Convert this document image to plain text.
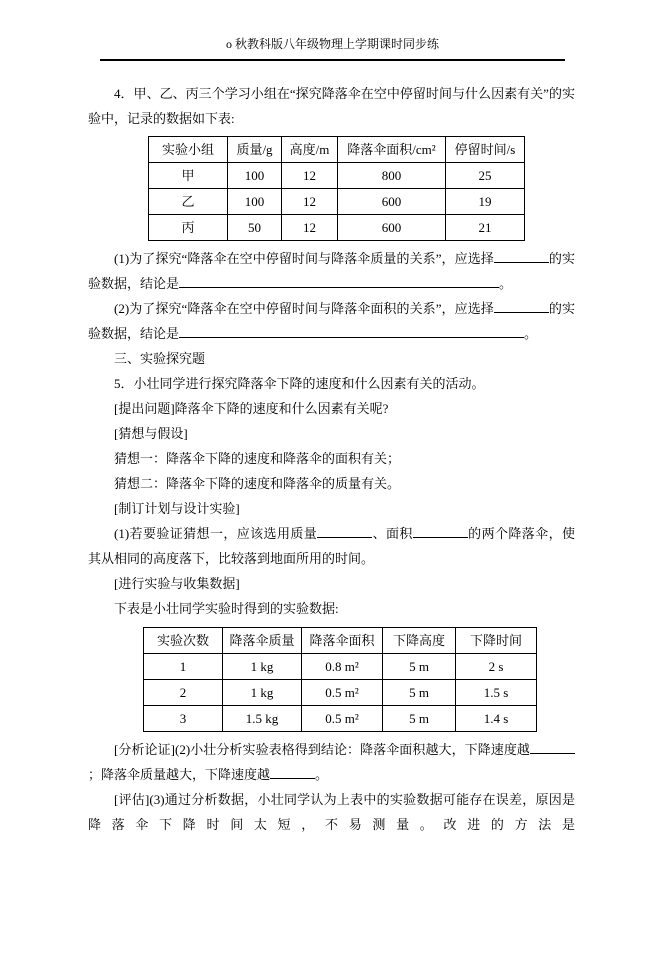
o 秋教科版八年级物理上学期课时同步练

4．甲、乙、丙三个学习小组在“探究降落伞在空中停留时间与什么因素有关”的实验中，记录的数据如下表:

实验小组	质量/g	高度/m	降落伞面积/cm²	停留时间/s
甲	100	12	800	25
乙	100	12	600	19
丙	50	12	600	21

(1)为了探究“降落伞在空中停留时间与降落伞质量的关系”，应选择	的实验数据，结论是	。

(2)为了探究“降落伞在空中停留时间与降落伞面积的关系”，应选择	的实验数据，结论是	。

三、实验探究题

5．小壮同学进行探究降落伞下降的速度和什么因素有关的活动。

[提出问题]降落伞下降的速度和什么因素有关呢?

[猜想与假设]

猜想一：降落伞下降的速度和降落伞的面积有关；

猜想二：降落伞下降的速度和降落伞的质量有关。

[制订计划与设计实验]

(1)若要验证猜想一，应该选用质量	、面积	的两个降落伞，使其从相同的高度落下，比较落到地面所用的时间。

[进行实验与收集数据]

下表是小壮同学实验时得到的实验数据:

实验次数	降落伞质量	降落伞面积	下降高度	下降时间
1	1 kg	0.8 m²	5 m	2 s
2	1 kg	0.5 m²	5 m	1.5 s
3	1.5 kg	0.5 m²	5 m	1.4 s

[分析论证](2)小壮分析实验表格得到结论：降落伞面积越大，下降速度越；降落伞质量越大，下降速度越	。

[评估](3)通过分析数据，小壮同学认为上表中的实验数据可能存在误差，原因是降落伞下降时间太短，不易测量。改进的方法是
